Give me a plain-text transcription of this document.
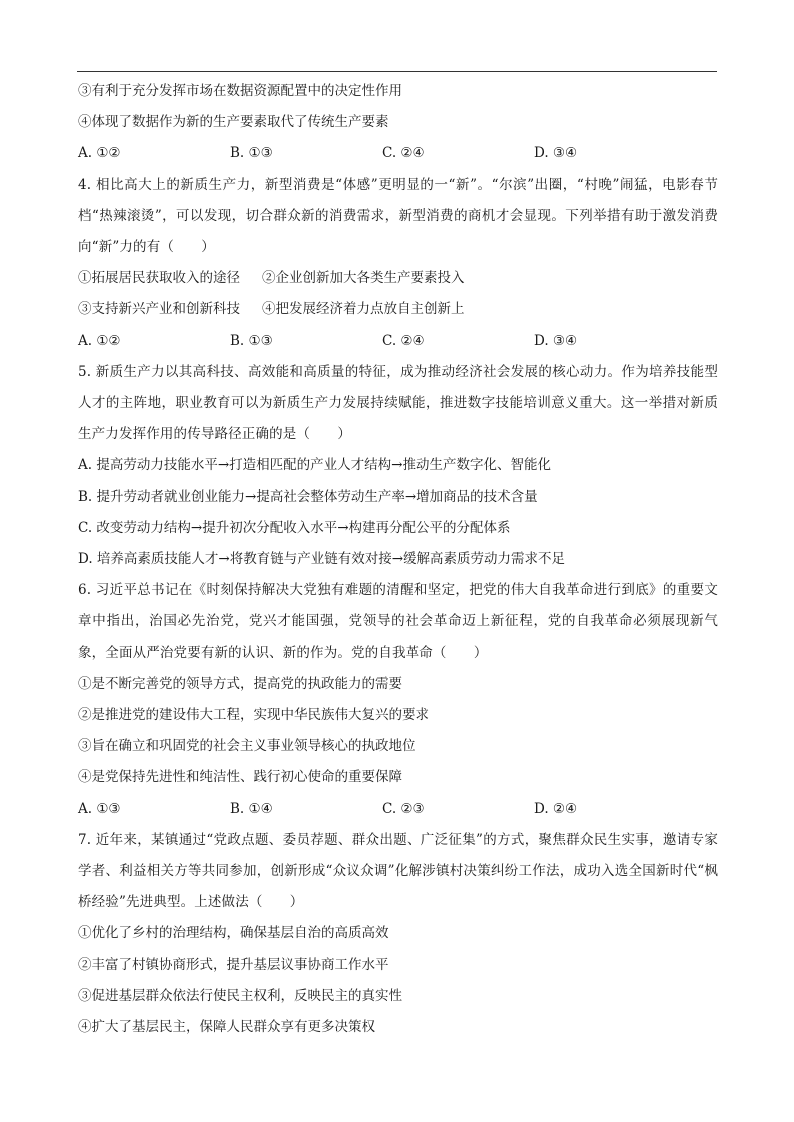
③有利于充分发挥市场在数据资源配置中的决定性作用

④体现了数据作为新的生产要素取代了传统生产要素

A. ①②	B. ①③	C. ②④	D. ③④

4. 相比高大上的新质生产力，新型消费是“体感”更明显的一“新”。“尔滨”出圈，“村晚”闹猛，电影春节档“热辣滚烫”，可以发现，切合群众新的消费需求，新型消费的商机才会显现。下列举措有助于激发消费向“新”力的有（　　）

①拓展居民获取收入的途径 ②企业创新加大各类生产要素投入

③支持新兴产业和创新科技 ④把发展经济着力点放自主创新上

A. ①②	B. ①③	C. ②④	D. ③④

5. 新质生产力以其高科技、高效能和高质量的特征，成为推动经济社会发展的核心动力。作为培养技能型人才的主阵地，职业教育可以为新质生产力发展持续赋能，推进数字技能培训意义重大。这一举措对新质生产力发挥作用的传导路径正确的是（　　）

A. 提高劳动力技能水平→打造相匹配的产业人才结构→推动生产数字化、智能化

B. 提升劳动者就业创业能力→提高社会整体劳动生产率→增加商品的技术含量

C. 改变劳动力结构→提升初次分配收入水平→构建再分配公平的分配体系

D. 培养高素质技能人才→将教育链与产业链有效对接→缓解高素质劳动力需求不足

6. 习近平总书记在《时刻保持解决大党独有难题的清醒和坚定，把党的伟大自我革命进行到底》的重要文章中指出，治国必先治党，党兴才能国强，党领导的社会革命迈上新征程，党的自我革命必须展现新气象，全面从严治党要有新的认识、新的作为。党的自我革命（　　）

①是不断完善党的领导方式，提高党的执政能力的需要

②是推进党的建设伟大工程，实现中华民族伟大复兴的要求

③旨在确立和巩固党的社会主义事业领导核心的执政地位

④是党保持先进性和纯洁性、践行初心使命的重要保障

A. ①③	B. ①④	C. ②③	D. ②④

7. 近年来，某镇通过“党政点题、委员荐题、群众出题、广泛征集”的方式，聚焦群众民生实事，邀请专家学者、利益相关方等共同参加，创新形成“众议众调”化解涉镇村决策纠纷工作法，成功入选全国新时代“枫桥经验”先进典型。上述做法（　　）

①优化了乡村的治理结构，确保基层自治的高质高效

②丰富了村镇协商形式，提升基层议事协商工作水平

③促进基层群众依法行使民主权利，反映民主的真实性

④扩大了基层民主，保障人民群众享有更多决策权
